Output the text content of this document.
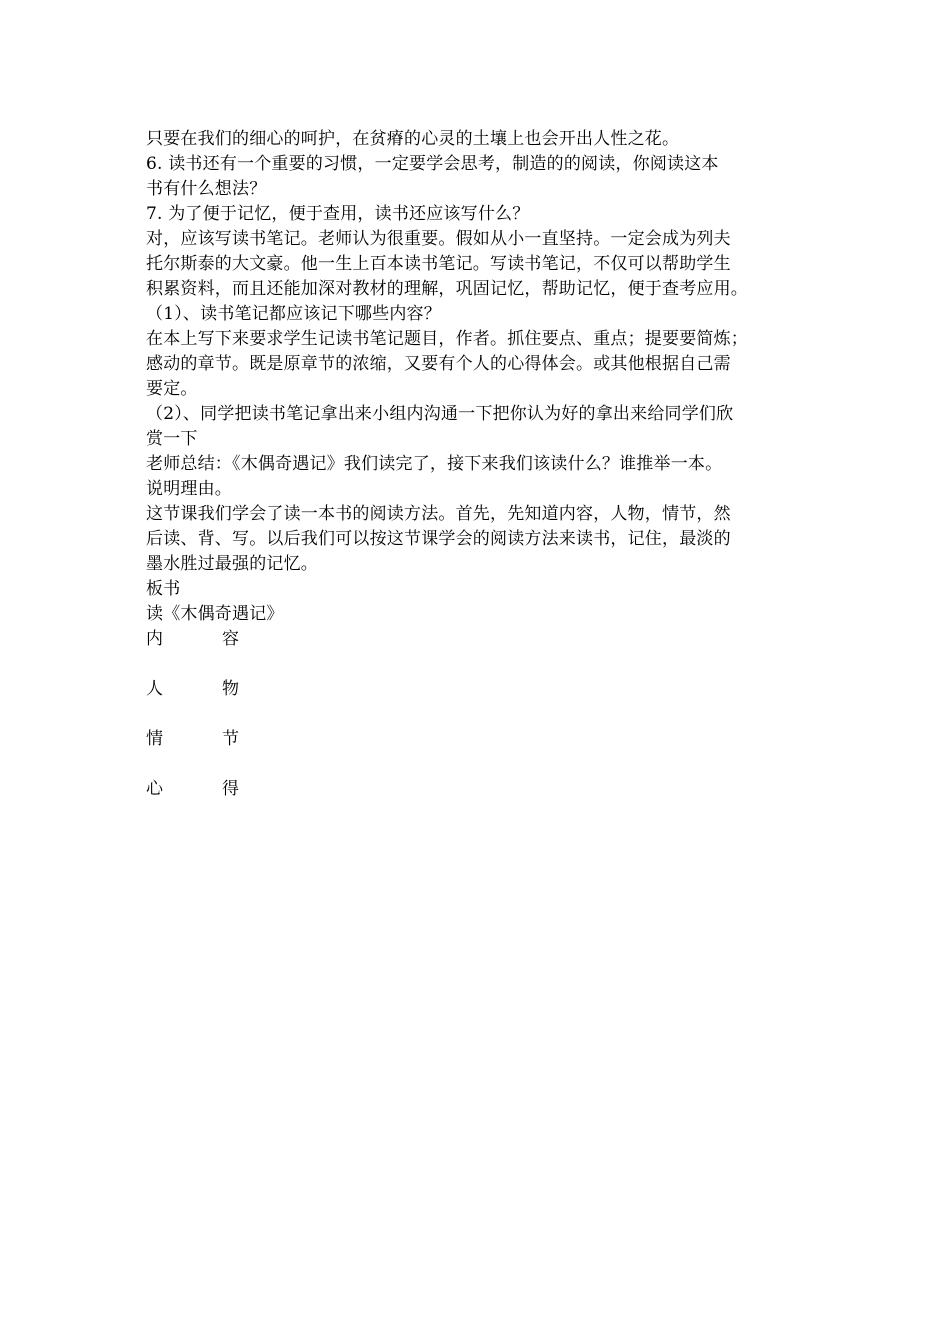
只要在我们的细心的呵护，在贫瘠的心灵的土壤上也会开出人性之花。
6. 读书还有一个重要的习惯，一定要学会思考，制造的的阅读，你阅读这本
书有什么想法？
7. 为了便于记忆，便于查用，读书还应该写什么？
对，应该写读书笔记。老师认为很重要。假如从小一直坚持。一定会成为列夫
托尔斯泰的大文豪。他一生上百本读书笔记。写读书笔记，不仅可以帮助学生
积累资料，而且还能加深对教材的理解，巩固记忆，帮助记忆，便于查考应用。
（1）、读书笔记都应该记下哪些内容？
在本上写下来要求学生记读书笔记题目，作者。抓住要点、重点；提要要简炼；
感动的章节。既是原章节的浓缩，又要有个人的心得体会。或其他根据自己需
要定。
（2）、同学把读书笔记拿出来小组内沟通一下把你认为好的拿出来给同学们欣
赏一下
老师总结：《木偶奇遇记》我们读完了，接下来我们该读什么？谁推举一本。
说明理由。
这节课我们学会了读一本书的阅读方法。首先，先知道内容，人物，情节，然
后读、背、写。以后我们可以按这节课学会的阅读方法来读书，记住，最淡的
墨水胜过最强的记忆。
板书
读《木偶奇遇记》
内	容
人	物
情	节
心	得
